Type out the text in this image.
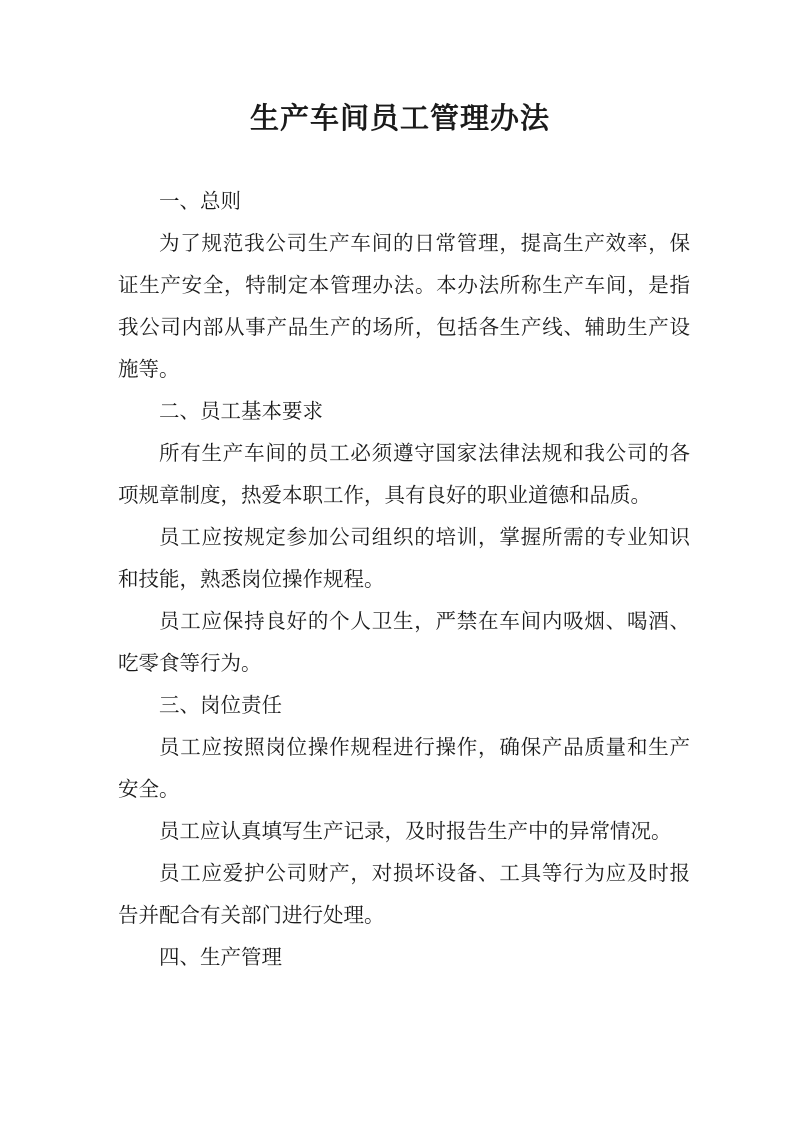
生产车间员工管理办法

一、总则

为了规范我公司生产车间的日常管理，提高生产效率，保证生产安全，特制定本管理办法。本办法所称生产车间，是指我公司内部从事产品生产的场所，包括各生产线、辅助生产设施等。

二、员工基本要求

所有生产车间的员工必须遵守国家法律法规和我公司的各项规章制度，热爱本职工作，具有良好的职业道德和品质。

员工应按规定参加公司组织的培训，掌握所需的专业知识和技能，熟悉岗位操作规程。

员工应保持良好的个人卫生，严禁在车间内吸烟、喝酒、吃零食等行为。

三、岗位责任

员工应按照岗位操作规程进行操作，确保产品质量和生产安全。

员工应认真填写生产记录，及时报告生产中的异常情况。

员工应爱护公司财产，对损坏设备、工具等行为应及时报告并配合有关部门进行处理。

四、生产管理
